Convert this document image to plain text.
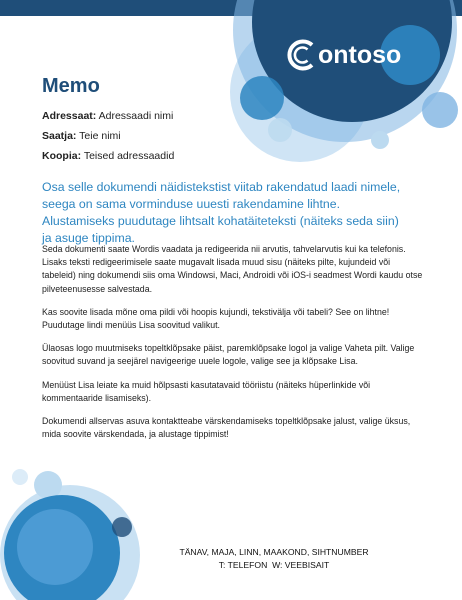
ontoso
Memo
Adressaat: Adressaadi nimi
Saatja: Teie nimi
Koopia: Teised adressaadid
Osa selle dokumendi näidistekstist viitab rakendatud laadi nimele, seega on sama vorminduse uuesti rakendamine lihtne. Alustamiseks puudutage lihtsalt kohatäiteteksti (näiteks seda siin) ja asuge tippima.

Seda dokumenti saate Wordis vaadata ja redigeerida nii arvutis, tahvelarvutis kui ka telefonis. Lisaks teksti redigeerimisele saate mugavalt lisada muud sisu (näiteks pilte, kujundeid või tabeleid) ning dokumendi siis oma Windowsi, Maci, Androidi või iOS-i seadmest Wordi kaudu otse pilveteenusesse salvestada.

Kas soovite lisada mõne oma pildi või hoopis kujundi, tekstivälja või tabeli? See on lihtne! Puudutage lindi menüüs Lisa soovitud valikut.

Ülaosas logo muutmiseks topeltklõpsake päist, paremklõpsake logol ja valige Vaheta pilt. Valige soovitud suvand ja seejärel navigeerige uuele logole, valige see ja klõpsake Lisa.

Menüüst Lisa leiate ka muid hõlpsasti kasutatavaid tööriistu (näiteks hüperlinkide või kommentaaride lisamiseks).

Dokumendi allservas asuva kontaktteabe värskendamiseks topeltklõpsake jalust, valige üksus, mida soovite värskendada, ja alustage tippimist!

TÄNAV, MAJA, LINN, MAAKOND, SIHTNUMBER
T: TELEFON  W: VEEBISAIT
